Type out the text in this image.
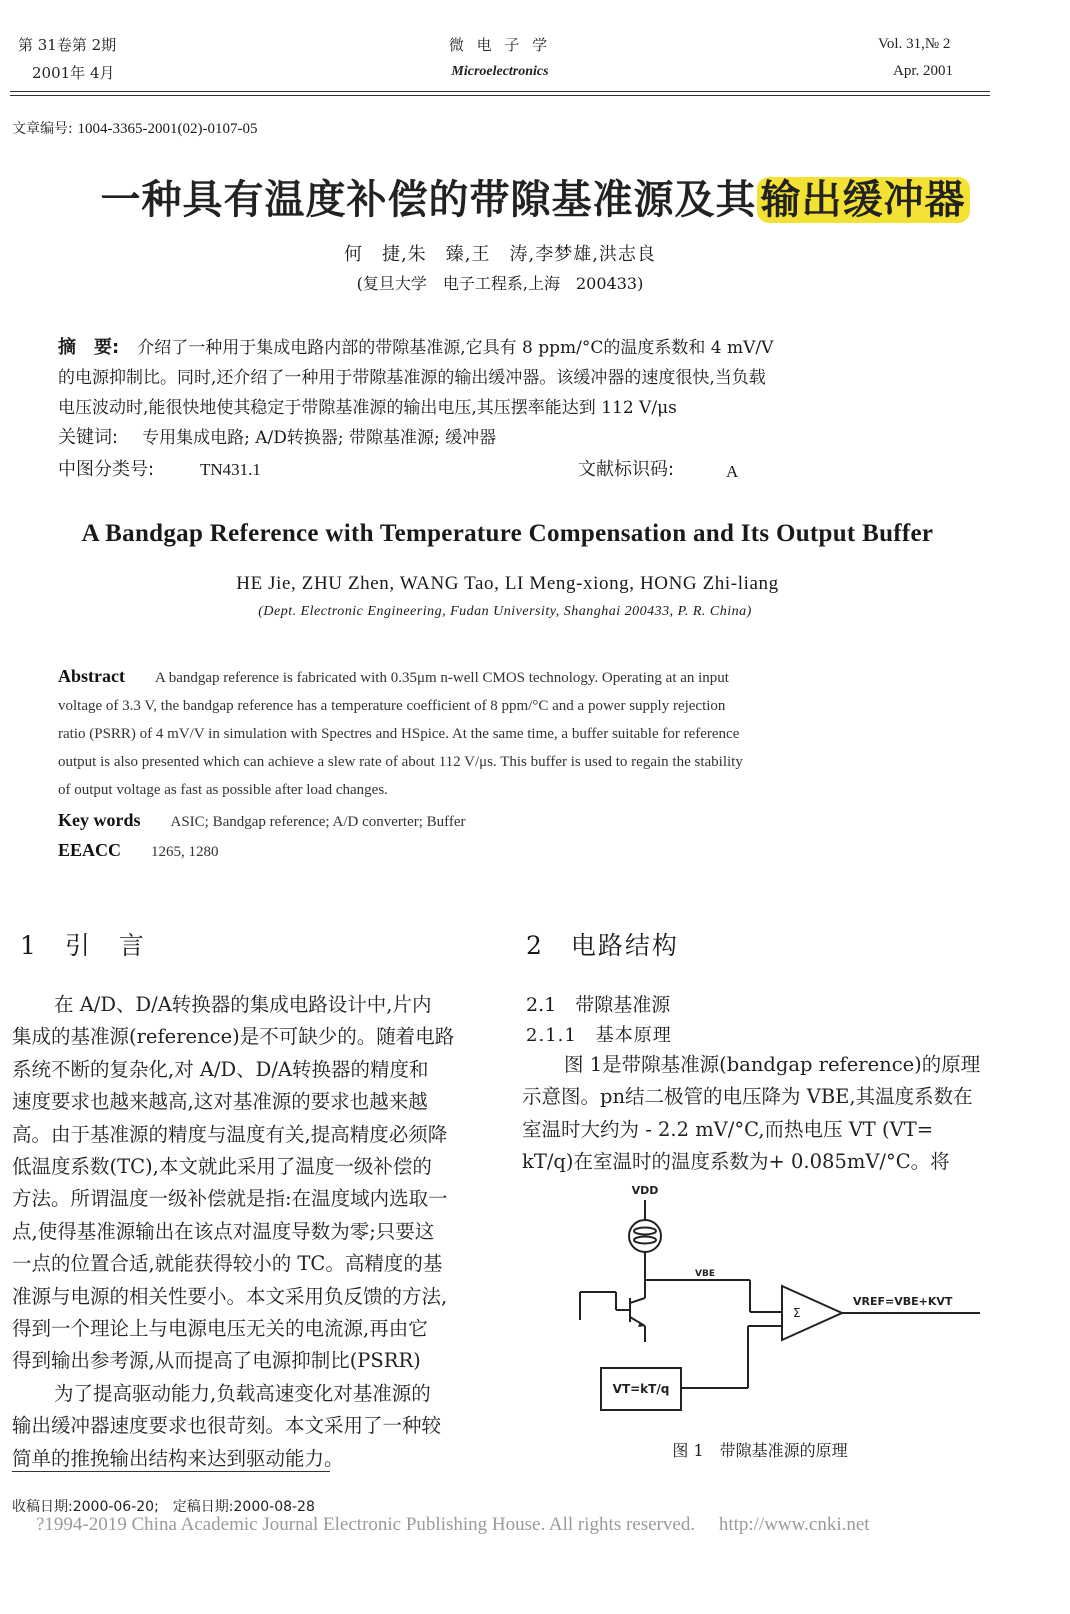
第 31卷第 2期
2001年 4月
微 电 子 学
Microelectronics
Vol. 31,№ 2
Apr. 2001
文章编号: 1004-3365-2001(02)-0107-05
一种具有温度补偿的带隙基准源及其 输出缓冲器
何　捷,朱　臻,王　涛,李梦雄,洪志良
(复旦大学　电子工程系,上海　200433)
摘　要: 介绍了一种用于集成电路内部的带隙基准源,它具有 8 ppm/°C的温度系数和 4 mV/V
的电源抑制比。同时,还介绍了一种用于带隙基准源的输出缓冲器。该缓冲器的速度很快,当负载
电压波动时,能很快地使其稳定于带隙基准源的输出电压,其压摆率能达到 112 V/μs
关键词: 专用集成电路; A/D转换器; 带隙基准源; 缓冲器
中图分类号:	TN431.1	文献标识码:	A
A Bandgap Reference with Temperature Compensation and Its Output Buffer
HE Jie, ZHU Zhen, WANG Tao, LI Meng-xiong, HONG Zhi-liang
(Dept. Electronic Engineering, Fudan University, Shanghai 200433, P. R. China)
Abstract A bandgap reference is fabricated with 0.35μm n-well CMOS technology. Operating at an input
voltage of 3.3 V, the bandgap reference has a temperature coefficient of 8 ppm/°C and a power supply rejection
ratio (PSRR) of 4 mV/V in simulation with Spectres and HSpice. At the same time, a buffer suitable for reference
output is also presented which can achieve a slew rate of about 112 V/μs. This buffer is used to regain the stability
of output voltage as fast as possible after load changes.
Key words ASIC; Bandgap reference; A/D converter; Buffer
EEACC 1265, 1280
1　引　言
在 A/D、D/A转换器的集成电路设计中,片内
集成的基准源(reference)是不可缺少的。随着电路
系统不断的复杂化,对 A/D、D/A转换器的精度和
速度要求也越来越高,这对基准源的要求也越来越
高。由于基准源的精度与温度有关,提高精度必须降
低温度系数(TC),本文就此采用了温度一级补偿的
方法。所谓温度一级补偿就是指:在温度域内选取一
点,使得基准源输出在该点对温度导数为零;只要这
一点的位置合适,就能获得较小的 TC。高精度的基
准源与电源的相关性要小。本文采用负反馈的方法,
得到一个理论上与电源电压无关的电流源,再由它
得到输出参考源,从而提高了电源抑制比(PSRR)
为了提高驱动能力,负载高速变化对基准源的
输出缓冲器速度要求也很苛刻。本文采用了一种较
简单的推挽输出结构来达到驱动能力。
2　电路结构
2.1　带隙基准源
2.1.1　基本原理
图 1是带隙基准源(bandgap reference)的原理
示意图。pn结二极管的电压降为 VBE,其温度系数在
室温时大约为 - 2.2 mV/°C,而热电压 VT (VT=
kT/q)在室温时的温度系数为+ 0.085mV/°C。将
VDD
VBE
VREF=VBE+KVT
Σ
VT=kT/q
图 1　带隙基准源的原理
收稿日期:2000-06-20;　定稿日期:2000-08-28
?1994-2019 China Academic Journal Electronic Publishing House. All rights reserved.　 http://www.cnki.net
